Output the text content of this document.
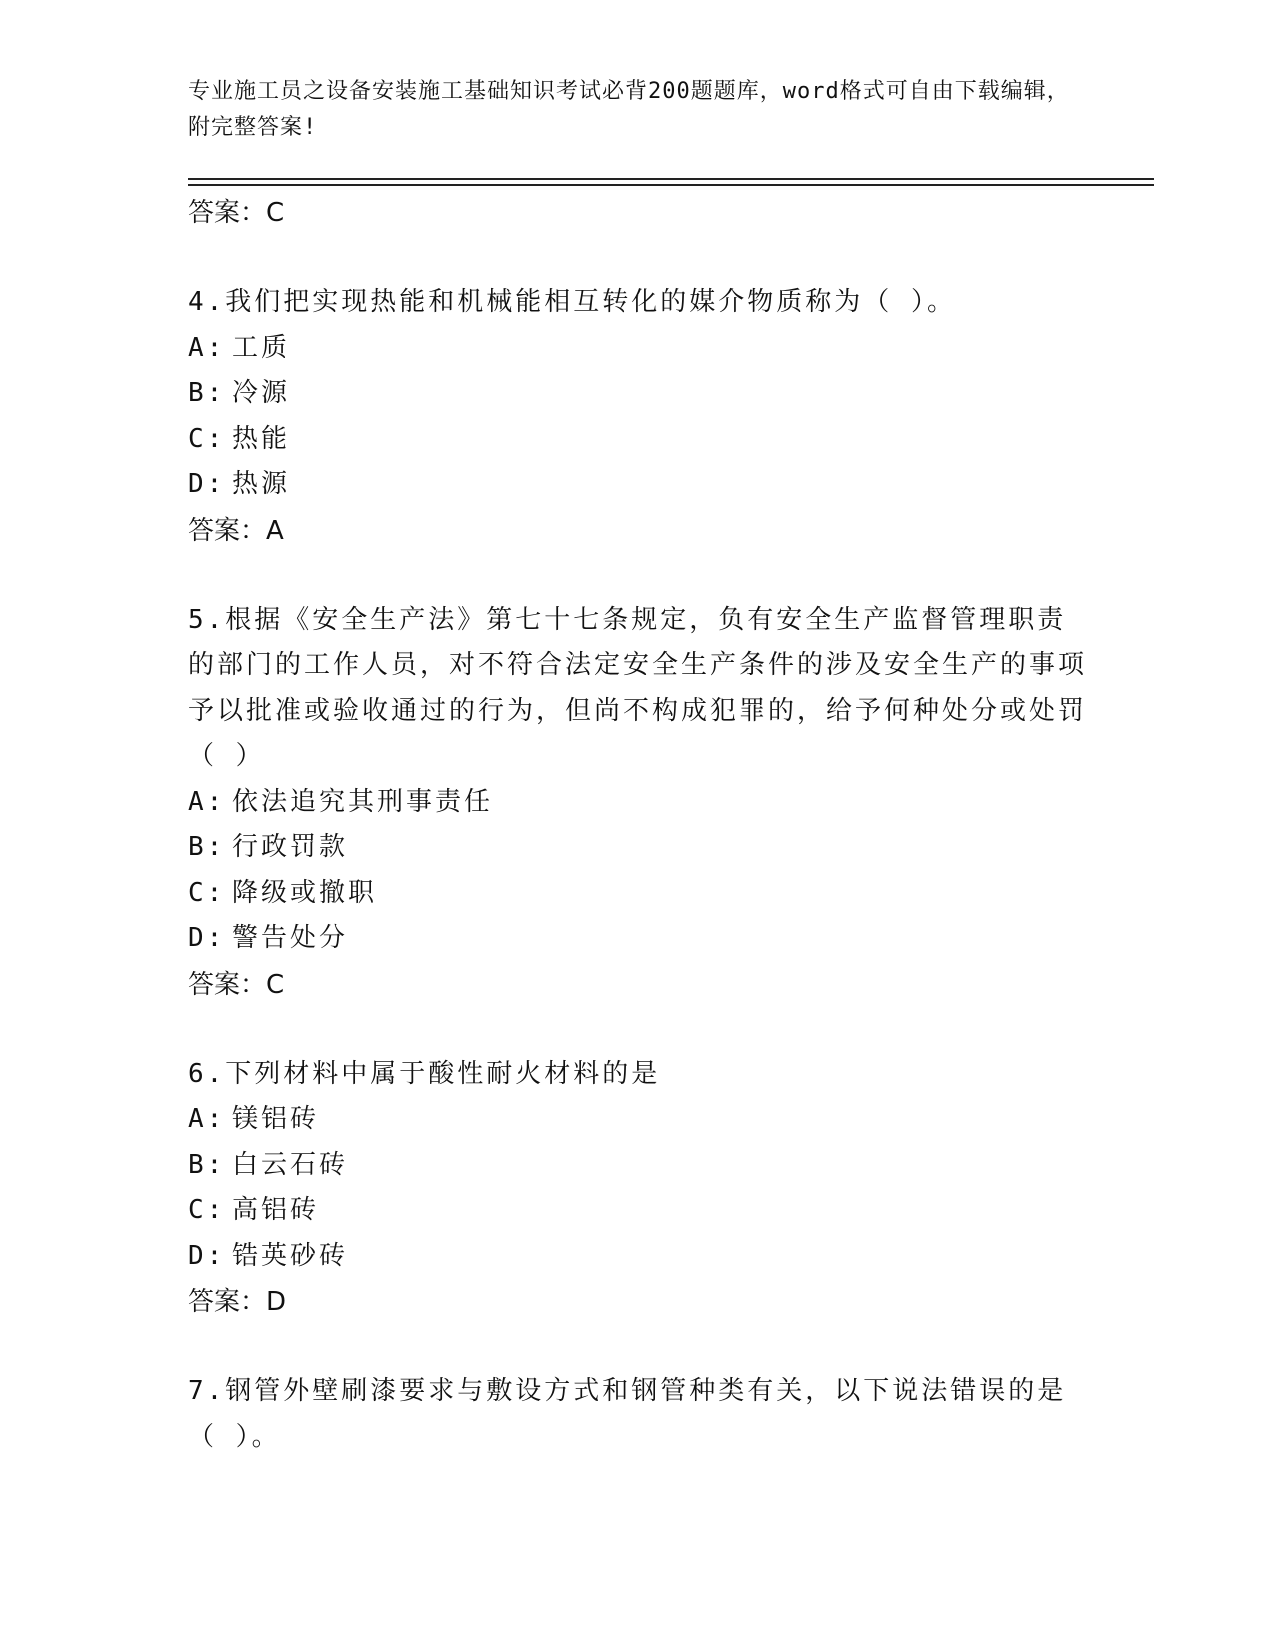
专业施工员之设备安装施工基础知识考试必背200题题库，word格式可自由下载编辑，附完整答案!

答案：C

4.我们把实现热能和机械能相互转化的媒介物质称为（ ）。

A: 工质

B: 冷源

C: 热能

D: 热源

答案：A

5.根据《安全生产法》第七十七条规定，负有安全生产监督管理职责的部门的工作人员，对不符合法定安全生产条件的涉及安全生产的事项予以批准或验收通过的行为，但尚不构成犯罪的，给予何种处分或处罚（ ）

A: 依法追究其刑事责任

B: 行政罚款

C: 降级或撤职

D: 警告处分

答案：C

6.下列材料中属于酸性耐火材料的是

A: 镁铝砖

B: 白云石砖

C: 高铝砖

D: 锆英砂砖

答案：D

7.钢管外壁刷漆要求与敷设方式和钢管种类有关，以下说法错误的是（ ）。
